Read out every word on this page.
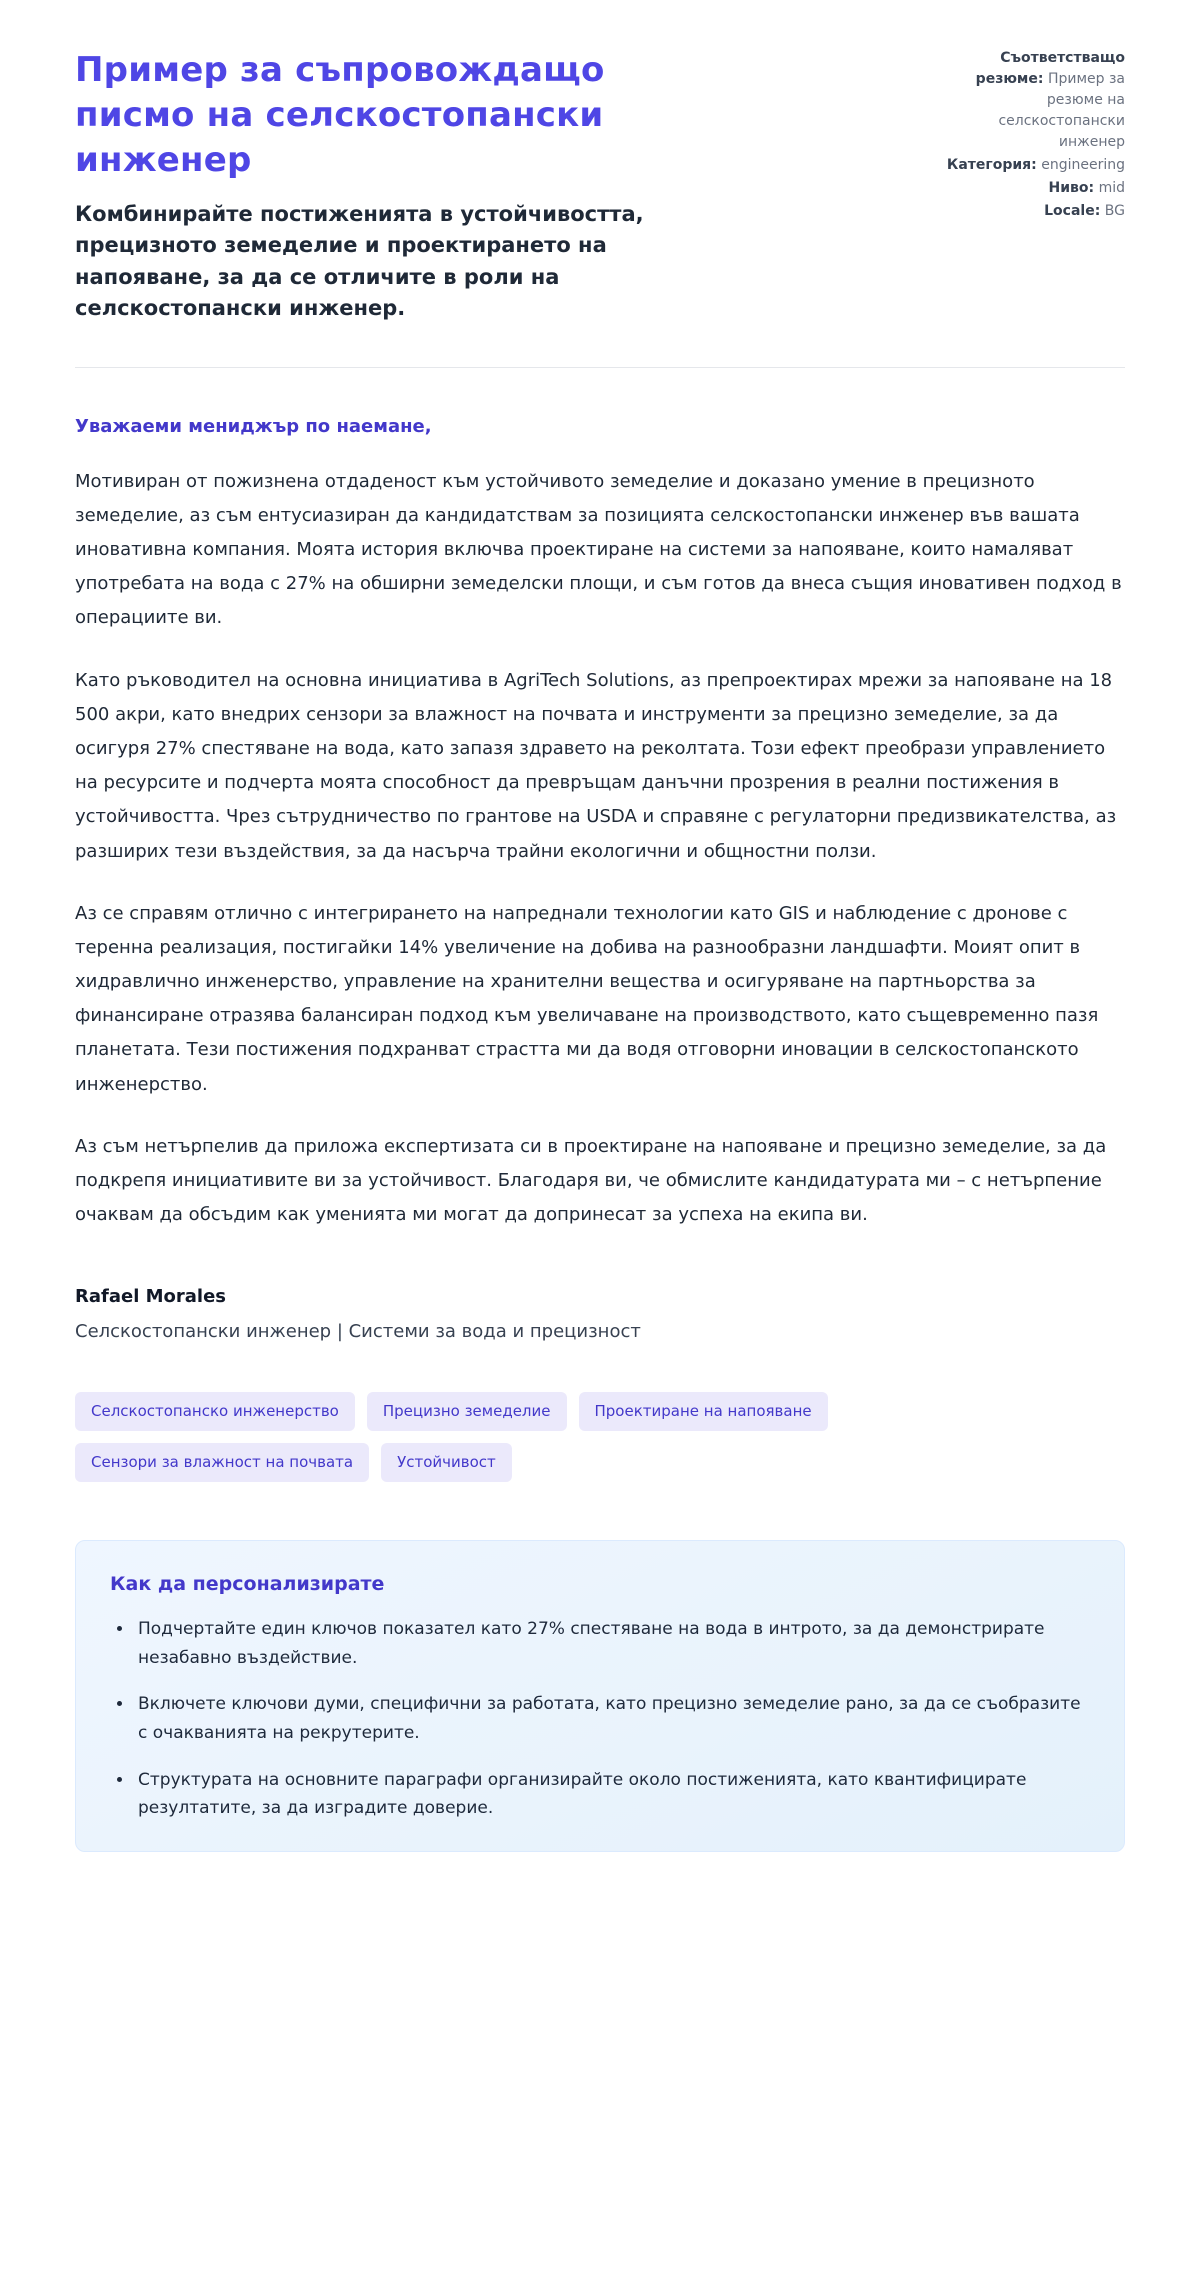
Пример за съпровождащо писмо на селскостопански инженер

Комбинирайте постиженията в устойчивостта, прецизното земеделие и проектирането на напояване, за да се отличите в роли на селскостопански инженер.

Съответстващо резюме: Пример за резюме на селскостопански инженер

Категория: engineering

Ниво: mid

Locale: BG

Уважаеми мениджър по наемане,

Мотивиран от пожизнена отдаденост към устойчивото земеделие и доказано умение в прецизното земеделие, аз съм ентусиазиран да кандидатствам за позицията селскостопански инженер във вашата иновативна компания. Моята история включва проектиране на системи за напояване, които намаляват употребата на вода с 27% на обширни земеделски площи, и съм готов да внеса същия иновативен подход в операциите ви.

Като ръководител на основна инициатива в AgriTech Solutions, аз препроектирах мрежи за напояване на 18 500 акри, като внедрих сензори за влажност на почвата и инструменти за прецизно земеделие, за да осигуря 27% спестяване на вода, като запазя здравето на реколтата. Този ефект преобрази управлението на ресурсите и подчерта моята способност да превръщам данъчни прозрения в реални постижения в устойчивостта. Чрез сътрудничество по грантове на USDA и справяне с регулаторни предизвикателства, аз разширих тези въздействия, за да насърча трайни екологични и общностни ползи.

Аз се справям отлично с интегрирането на напреднали технологии като GIS и наблюдение с дронове с теренна реализация, постигайки 14% увеличение на добива на разнообразни ландшафти. Моият опит в хидравлично инженерство, управление на хранителни вещества и осигуряване на партньорства за финансиране отразява балансиран подход към увеличаване на производството, като същевременно пазя планетата. Тези постижения подхранват страстта ми да водя отговорни иновации в селскостопанското инженерство.

Аз съм нетърпелив да приложа експертизата си в проектиране на напояване и прецизно земеделие, за да подкрепя инициативите ви за устойчивост. Благодаря ви, че обмислите кандидатурата ми – с нетърпение очаквам да обсъдим как уменията ми могат да допринесат за успеха на екипа ви.

Rafael Morales
Селскостопански инженер | Системи за вода и прецизност
Селскостопанско инженерство	Прецизно земеделие	Проектиране на напояване
Сензори за влажност на почвата	Устойчивост
Как да персонализирате
• Подчертайте един ключов показател като 27% спестяване на вода в интрото, за да демонстрирате незабавно въздействие.
• Включете ключови думи, специфични за работата, като прецизно земеделие рано, за да се съобразите с очакванията на рекрутерите.
• Структурата на основните параграфи организирайте около постиженията, като квантифицирате резултатите, за да изградите доверие.
